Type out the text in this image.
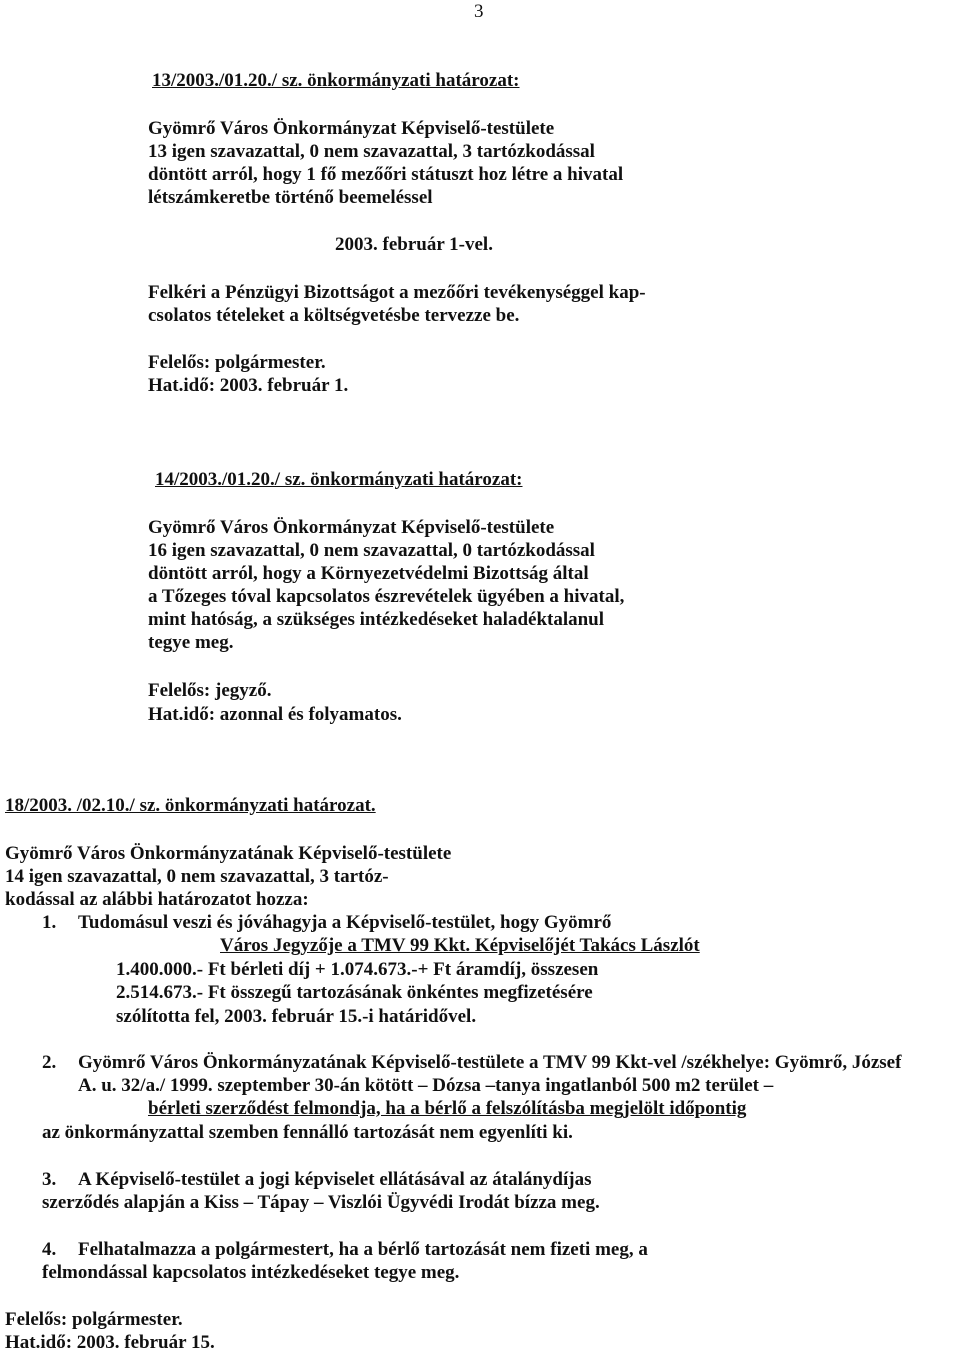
3
13/2003./01.20./ sz. önkormányzati határozat:
Gyömrő Város Önkormányzat Képviselő-testülete
13 igen szavazattal, 0 nem szavazattal, 3 tartózkodással
döntött arról, hogy 1 fő mezőőri státuszt hoz létre a hivatal
létszámkeretbe történő beemeléssel
2003. február 1-vel.
Felkéri a Pénzügyi Bizottságot a mezőőri tevékenységgel kap-
csolatos tételeket a költségvetésbe tervezze be.
Felelős: polgármester.
Hat.idő: 2003. február 1.
14/2003./01.20./ sz. önkormányzati határozat:
Gyömrő Város Önkormányzat Képviselő-testülete
16 igen szavazattal, 0 nem szavazattal, 0 tartózkodással
döntött arról, hogy a Környezetvédelmi Bizottság által
a Tőzeges tóval kapcsolatos észrevételek ügyében a hivatal,
mint hatóság, a szükséges intézkedéseket haladéktalanul
tegye meg.
Felelős: jegyző.
Hat.idő: azonnal és folyamatos.
18/2003. /02.10./ sz. önkormányzati határozat.
Gyömrő Város Önkormányzatának Képviselő-testülete
14 igen szavazattal, 0 nem szavazattal, 3 tartóz-
kodással az alábbi határozatot hozza:
1. Tudomásul veszi és jóváhagyja a Képviselő-testület, hogy Gyömrő
Város Jegyzője a TMV 99 Kkt. Képviselőjét Takács Lászlót
1.400.000.- Ft bérleti díj + 1.074.673.-+ Ft áramdíj, összesen
2.514.673.- Ft összegű tartozásának önkéntes megfizetésére
szólította fel, 2003. február 15.-i határidővel.
2. Gyömrő Város Önkormányzatának Képviselő-testülete a TMV 99 Kkt-vel /székhelye: Gyömrő, József
A. u. 32/a./ 1999. szeptember 30-án kötött – Dózsa –tanya ingatlanból 500 m2 terület –
bérleti szerződést felmondja, ha a bérlő a felszólításba megjelölt időpontig
az önkormányzattal szemben fennálló tartozását nem egyenlíti ki.
3. A Képviselő-testület a jogi képviselet ellátásával az átalánydíjas
szerződés alapján a Kiss – Tápay – Viszlói Ügyvédi Irodát bízza meg.
4. Felhatalmazza a polgármestert, ha a bérlő tartozását nem fizeti meg, a
felmondással kapcsolatos intézkedéseket tegye meg.
Felelős: polgármester.
Hat.idő: 2003. február 15.
